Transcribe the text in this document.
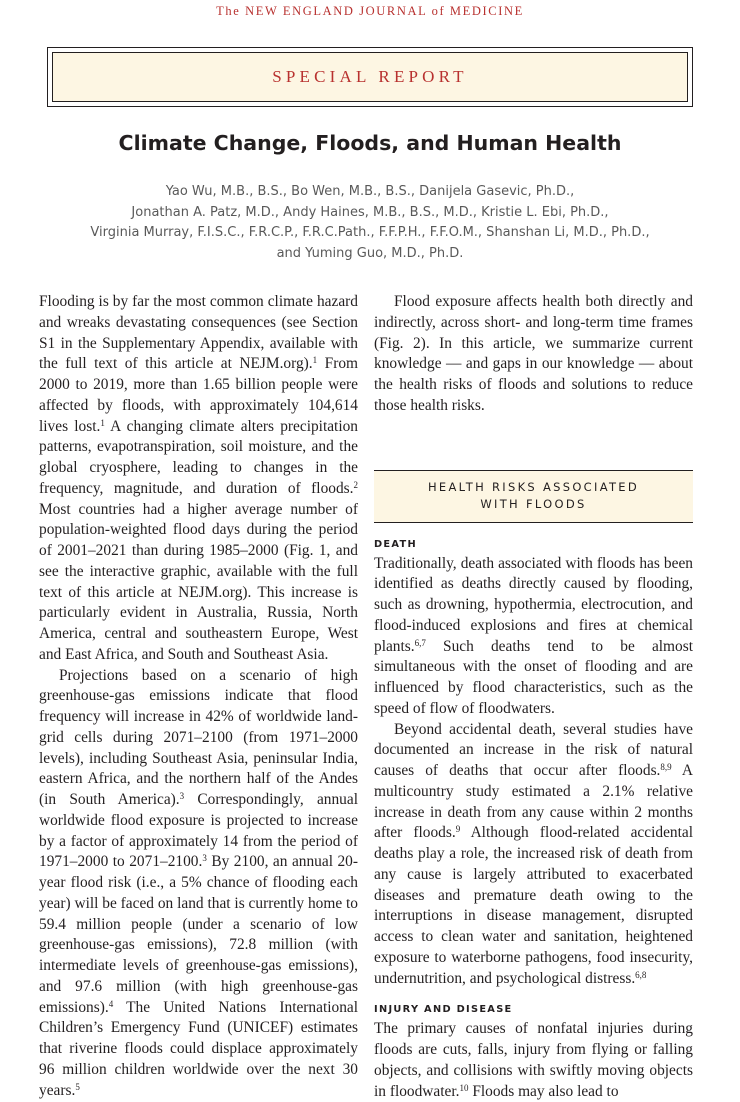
The NEW ENGLAND JOURNAL of MEDICINE
SPECIAL REPORT
Climate Change, Floods, and Human Health
Yao Wu, M.B., B.S., Bo Wen, M.B., B.S., Danijela Gasevic, Ph.D.,
Jonathan A. Patz, M.D., Andy Haines, M.B., B.S., M.D., Kristie L. Ebi, Ph.D.,
Virginia Murray, F.I.S.C., F.R.C.P., F.R.C.Path., F.F.P.H., F.F.O.M., Shanshan Li, M.D., Ph.D.,
and Yuming Guo, M.D., Ph.D.

Flooding is by far the most common climate hazard and wreaks devastating consequences (see Section S1 in the Supplementary Appendix, available with the full text of this article at NEJM.org).$^1$ From 2000 to 2019, more than 1.65 billion people were affected by floods, with approximately 104,614 lives lost.$^1$ A changing climate alters precipitation patterns, evapotranspiration, soil moisture, and the global cryosphere, leading to changes in the frequency, magnitude, and duration of floods.$^2$ Most countries had a higher average number of population-weighted flood days during the period of 2001–2021 than during 1985–2000 (Fig. 1, and see the interactive graphic, available with the full text of this article at NEJM.org). This increase is particularly evident in Australia, Russia, North America, central and southeastern Europe, West and East Africa, and South and Southeast Asia.

Projections based on a scenario of high greenhouse-gas emissions indicate that flood frequency will increase in 42% of worldwide land-grid cells during 2071–2100 (from 1971–2000 levels), including Southeast Asia, peninsular India, eastern Africa, and the northern half of the Andes (in South America).$^3$ Correspondingly, annual worldwide flood exposure is projected to increase by a factor of approximately 14 from the period of 1971–2000 to 2071–2100.$^3$ By 2100, an annual 20-year flood risk (i.e., a 5% chance of flooding each year) will be faced on land that is currently home to 59.4 million people (under a scenario of low greenhouse-gas emissions), 72.8 million (with intermediate levels of greenhouse-gas emissions), and 97.6 million (with high greenhouse-gas emissions).$^4$ The United Nations International Children’s Emergency Fund (UNICEF) estimates that riverine floods could displace approximately 96 million children worldwide over the next 30 years.$^5$

Flood exposure affects health both directly and indirectly, across short- and long-term time frames (Fig. 2). In this article, we summarize current knowledge — and gaps in our knowledge — about the health risks of floods and solutions to reduce those health risks.

HEALTH RISKS ASSOCIATED WITH FLOODS
DEATH

Traditionally, death associated with floods has been identified as deaths directly caused by flooding, such as drowning, hypothermia, electrocution, and flood-induced explosions and fires at chemical plants.$^{6,7}$ Such deaths tend to be almost simultaneous with the onset of flooding and are influenced by flood characteristics, such as the speed of flow of floodwaters.

Beyond accidental death, several studies have documented an increase in the risk of natural causes of deaths that occur after floods.$^{8,9}$ A multicountry study estimated a 2.1% relative increase in death from any cause within 2 months after floods.$^9$ Although flood-related accidental deaths play a role, the increased risk of death from any cause is largely attributed to exacerbated diseases and premature death owing to the interruptions in disease management, disrupted access to clean water and sanitation, heightened exposure to waterborne pathogens, food insecurity, undernutrition, and psychological distress.$^{6,8}$

INJURY AND DISEASE

The primary causes of nonfatal injuries during floods are cuts, falls, injury from flying or falling objects, and collisions with swiftly moving objects in floodwater.$^{10}$ Floods may also lead to
